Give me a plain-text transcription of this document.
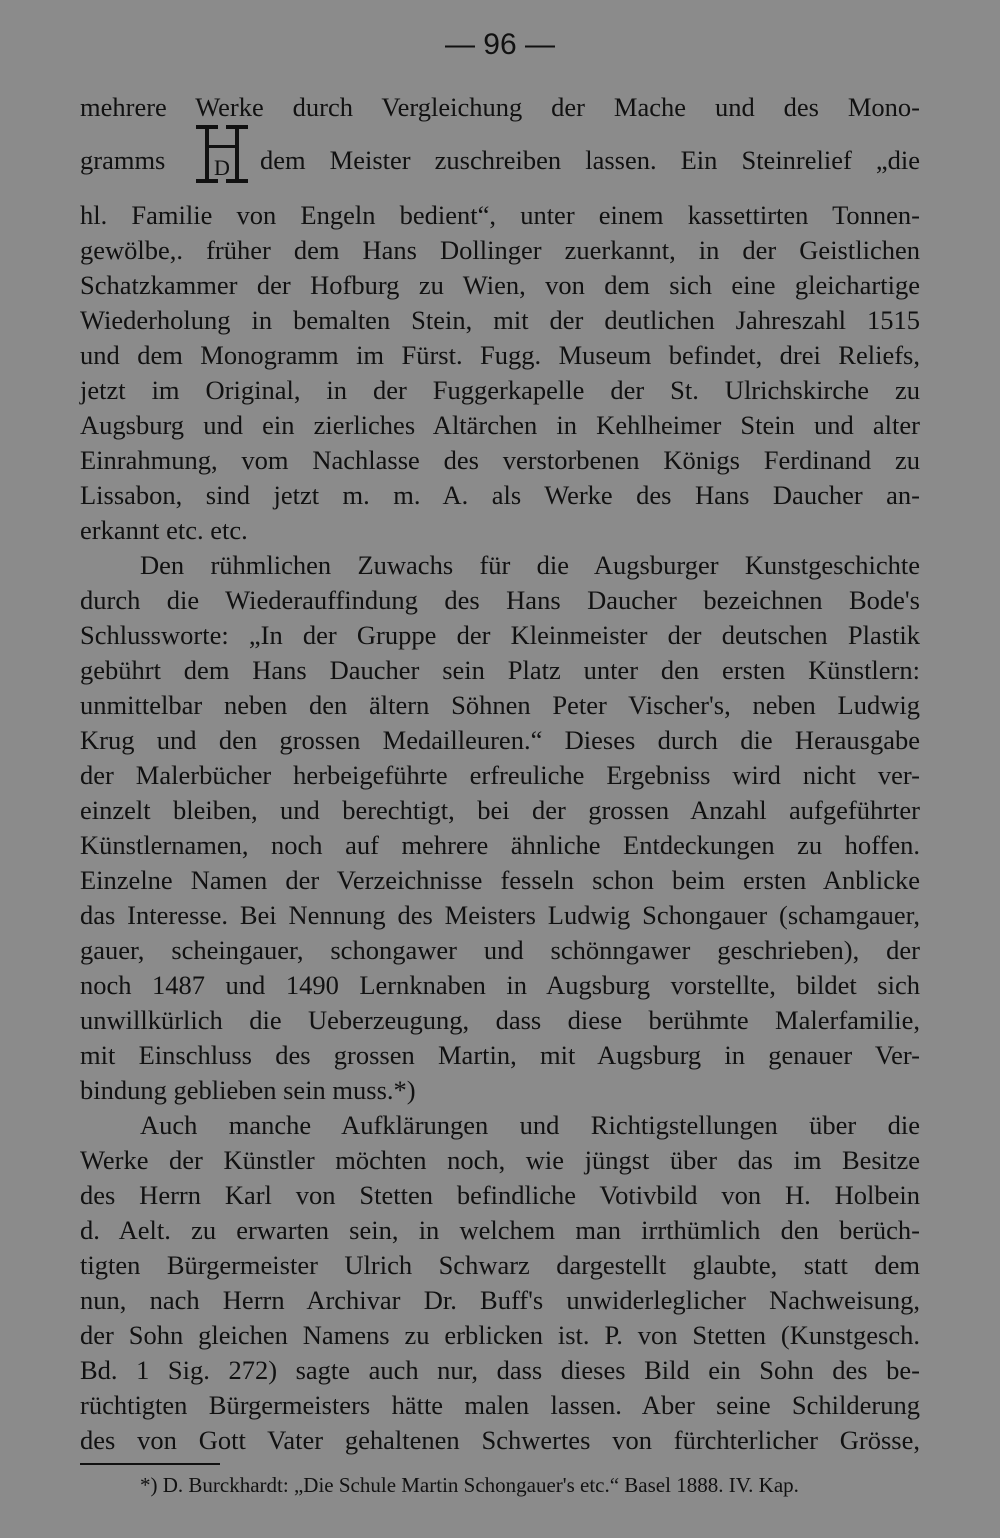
— 96 —
mehrere Werke durch Vergleichung der Mache und des Mono-
gramms D dem Meister zuschreiben lassen. Ein Steinrelief „die
hl. Familie von Engeln bedient“, unter einem kassettirten Tonnen-
gewölbe,. früher dem Hans Dollinger zuerkannt, in der Geistlichen
Schatzkammer der Hofburg zu Wien, von dem sich eine gleichartige
Wiederholung in bemalten Stein, mit der deutlichen Jahreszahl 1515
und dem Monogramm im Fürst. Fugg. Museum befindet, drei Reliefs,
jetzt im Original, in der Fuggerkapelle der St. Ulrichskirche zu
Augsburg und ein zierliches Altärchen in Kehlheimer Stein und alter
Einrahmung, vom Nachlasse des verstorbenen Königs Ferdinand zu
Lissabon, sind jetzt m. m. A. als Werke des Hans Daucher an-
erkannt etc. etc.
Den rühmlichen Zuwachs für die Augsburger Kunstgeschichte
durch die Wiederauffindung des Hans Daucher bezeichnen Bode's
Schlussworte: „In der Gruppe der Kleinmeister der deutschen Plastik
gebührt dem Hans Daucher sein Platz unter den ersten Künstlern:
unmittelbar neben den ältern Söhnen Peter Vischer's, neben Ludwig
Krug und den grossen Medailleuren.“ Dieses durch die Herausgabe
der Malerbücher herbeigeführte erfreuliche Ergebniss wird nicht ver-
einzelt bleiben, und berechtigt, bei der grossen Anzahl aufgeführter
Künstlernamen, noch auf mehrere ähnliche Entdeckungen zu hoffen.
Einzelne Namen der Verzeichnisse fesseln schon beim ersten Anblicke
das Interesse. Bei Nennung des Meisters Ludwig Schongauer (schamgauer,
gauer, scheingauer, schongawer und schönngawer geschrieben), der
noch 1487 und 1490 Lernknaben in Augsburg vorstellte, bildet sich
unwillkürlich die Ueberzeugung, dass diese berühmte Malerfamilie,
mit Einschluss des grossen Martin, mit Augsburg in genauer Ver-
bindung geblieben sein muss.*)
Auch manche Aufklärungen und Richtigstellungen über die
Werke der Künstler möchten noch, wie jüngst über das im Besitze
des Herrn Karl von Stetten befindliche Votivbild von H. Holbein
d. Aelt. zu erwarten sein, in welchem man irrthümlich den berüch-
tigten Bürgermeister Ulrich Schwarz dargestellt glaubte, statt dem
nun, nach Herrn Archivar Dr. Buff's unwiderleglicher Nachweisung,
der Sohn gleichen Namens zu erblicken ist. P. von Stetten (Kunstgesch.
Bd. 1 Sig. 272) sagte auch nur, dass dieses Bild ein Sohn des be-
rüchtigten Bürgermeisters hätte malen lassen. Aber seine Schilderung
des von Gott Vater gehaltenen Schwertes von fürchterlicher Grösse,
*) D. Burckhardt: „Die Schule Martin Schongauer's etc.“ Basel 1888. IV. Kap.
